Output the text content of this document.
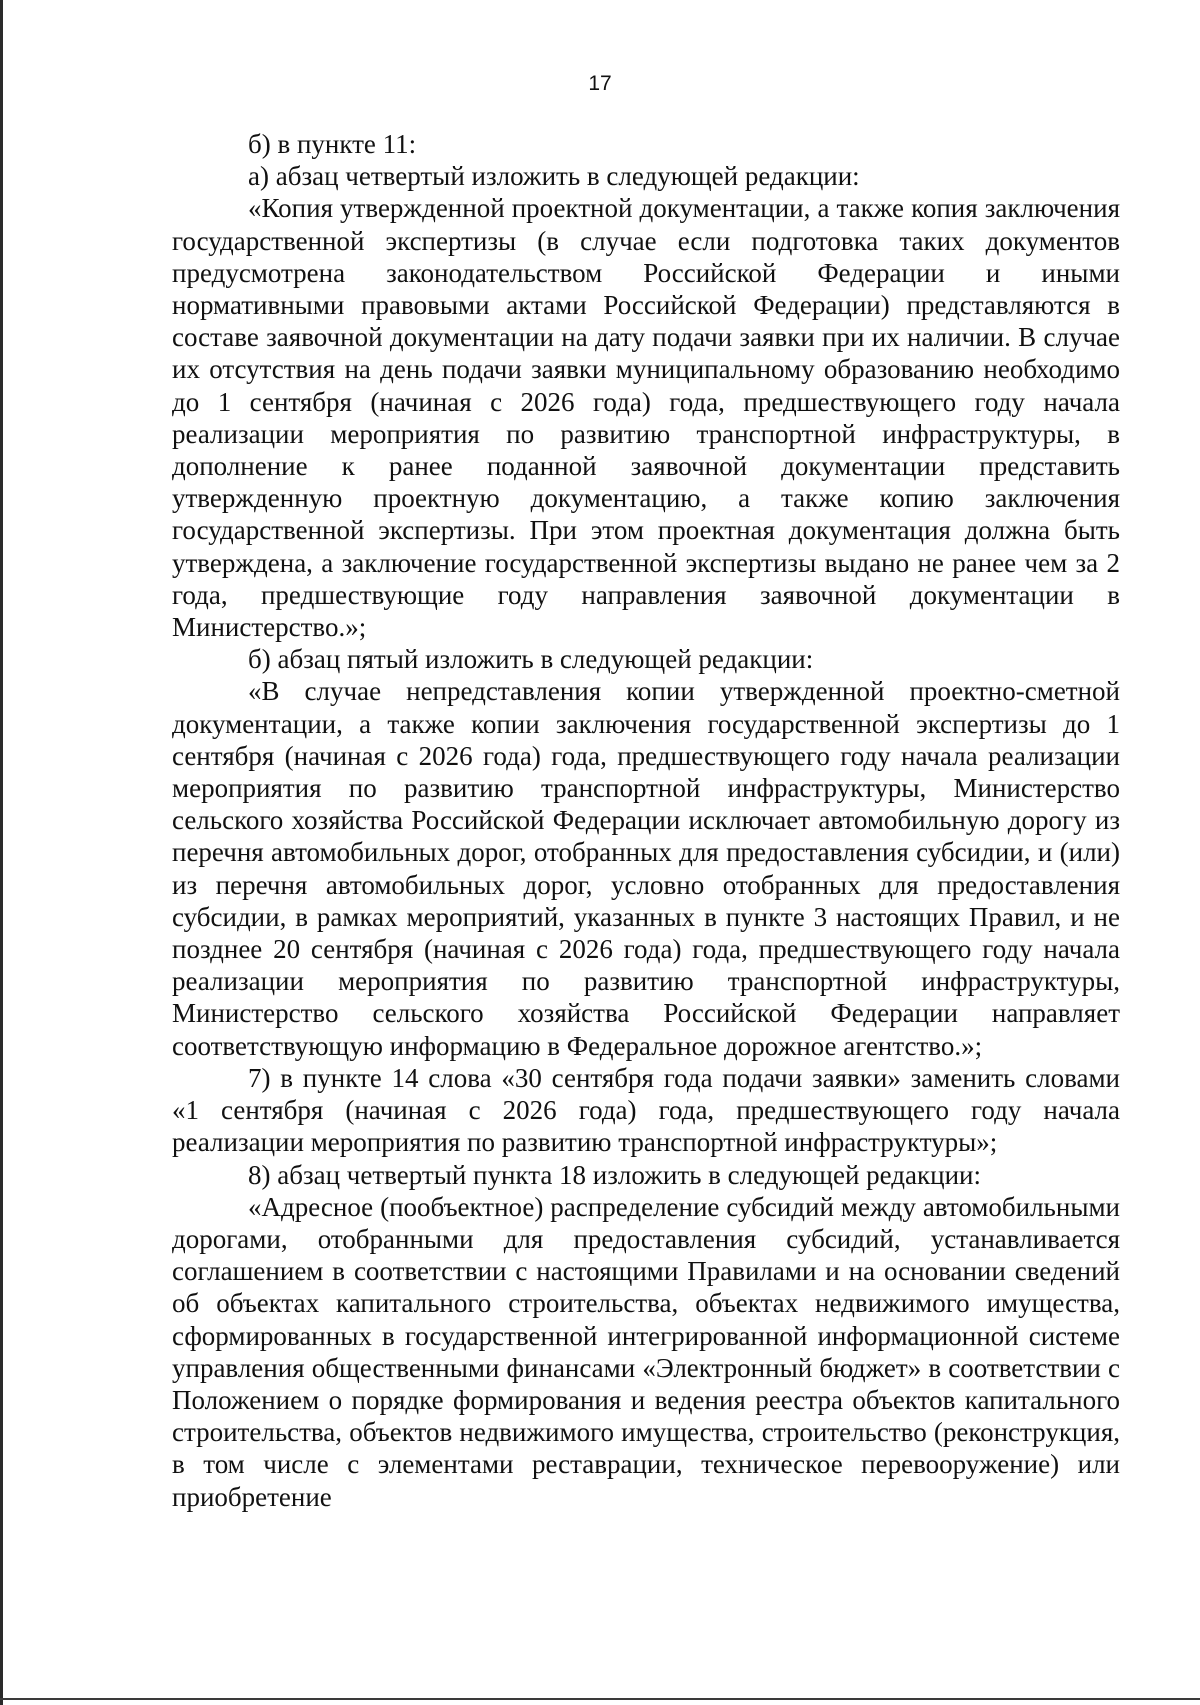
17

б) в пункте 11:

а) абзац четвертый изложить в следующей редакции:

«Копия утвержденной проектной документации, а также копия заключения государственной экспертизы (в случае если подготовка таких документов предусмотрена законодательством Российской Федерации и иными нормативными правовыми актами Российской Федерации) представляются в составе заявочной документации на дату подачи заявки при их наличии. В случае их отсутствия на день подачи заявки муниципальному образованию необходимо до 1 сентября (начиная с 2026 года) года, предшествующего году начала реализации мероприятия по развитию транспортной инфраструктуры, в дополнение к ранее поданной заявочной документации представить утвержденную проектную документацию, а также копию заключения государственной экспертизы. При этом проектная документация должна быть утверждена, а заключение государственной экспертизы выдано не ранее чем за 2 года, предшествующие году направления заявочной документации в Министерство.»;

б) абзац пятый изложить в следующей редакции:

«В случае непредставления копии утвержденной проектно-сметной документации, а также копии заключения государственной экспертизы до 1 сентября (начиная с 2026 года) года, предшествующего году начала реализации мероприятия по развитию транспортной инфраструктуры, Министерство сельского хозяйства Российской Федерации исключает автомобильную дорогу из перечня автомобильных дорог, отобранных для предоставления субсидии, и (или) из перечня автомобильных дорог, условно отобранных для предоставления субсидии, в рамках мероприятий, указанных в пункте 3 настоящих Правил, и не позднее 20 сентября (начиная с 2026 года) года, предшествующего году начала реализации мероприятия по развитию транспортной инфраструктуры, Министерство сельского хозяйства Российской Федерации направляет соответствующую информацию в Федеральное дорожное агентство.»;

7) в пункте 14 слова «30 сентября года подачи заявки» заменить словами «1 сентября (начиная с 2026 года) года, предшествующего году начала реализации мероприятия по развитию транспортной инфраструктуры»;

8) абзац четвертый пункта 18 изложить в следующей редакции:

«Адресное (пообъектное) распределение субсидий между автомобильными дорогами, отобранными для предоставления субсидий, устанавливается соглашением в соответствии с настоящими Правилами и на основании сведений об объектах капитального строительства, объектах недвижимого имущества, сформированных в государственной интегрированной информационной системе управления общественными финансами «Электронный бюджет» в соответствии с Положением о порядке формирования и ведения реестра объектов капитального строительства, объектов недвижимого имущества, строительство (реконструкция, в том числе с элементами реставрации, техническое перевооружение) или приобретение
